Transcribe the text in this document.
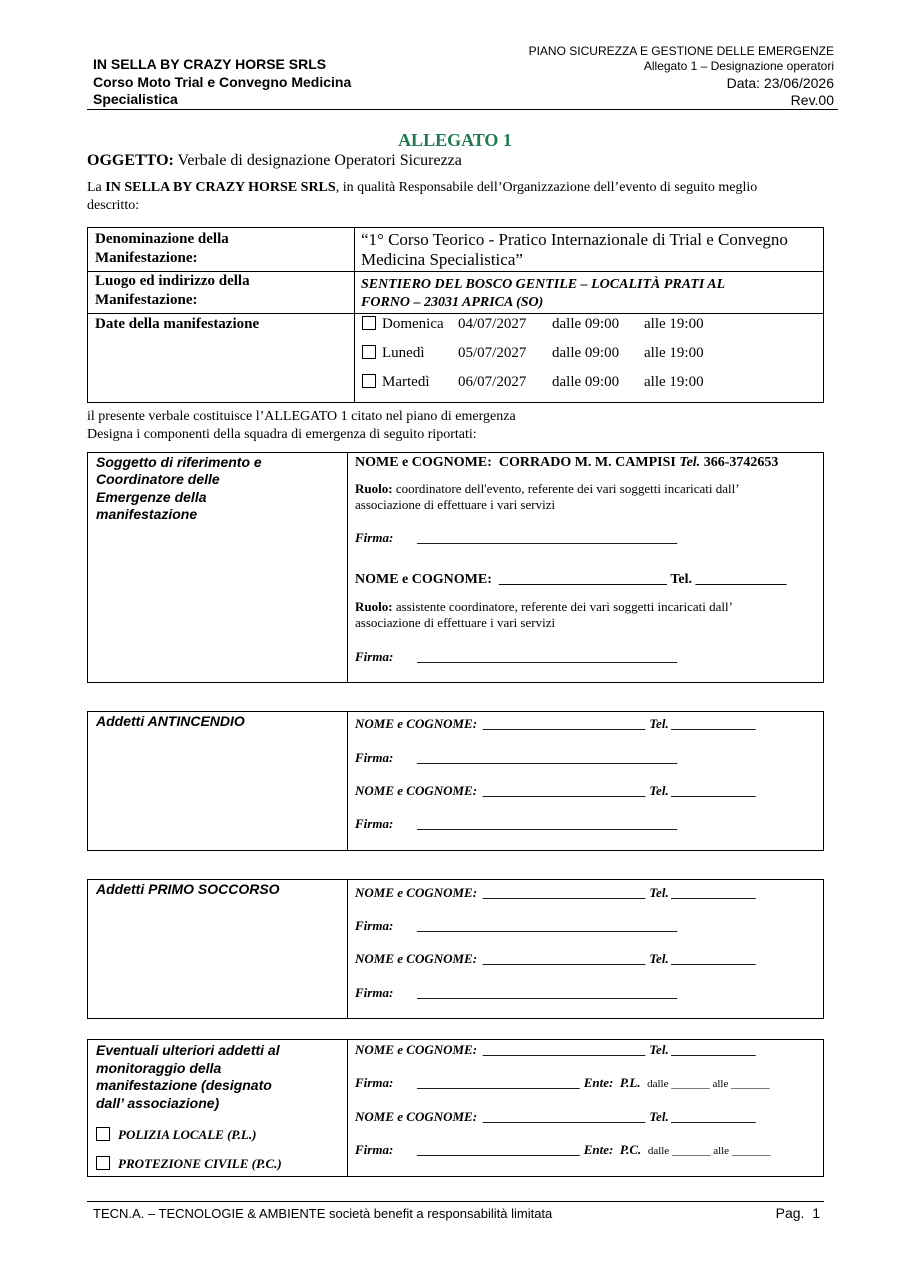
IN SELLA BY CRAZY HORSE SRLS
Corso Moto Trial e Convegno Medicina
Specialistica
PIANO SICUREZZA E GESTIONE DELLE EMERGENZE
Allegato 1 – Designazione operatori
Data: 23/06/2026
Rev.00
ALLEGATO 1
OGGETTO: Verbale di designazione Operatori Sicurezza
La IN SELLA BY CRAZY HORSE SRLS, in qualità Responsabile dell’Organizzazione dell’evento di seguito meglio
descritto:
Denominazione della
Manifestazione:
“1° Corso Teorico - Pratico Internazionale di Trial e Convegno
Medicina Specialistica”
Luogo ed indirizzo della
Manifestazione:
SENTIERO DEL BOSCO GENTILE – LOCALITÀ PRATI AL
FORNO – 23031 APRICA (SO)
Date della manifestazione	Domenica 04/07/2027 dalle 09:00 alle 19:00
Lunedì 05/07/2027 dalle 09:00 alle 19:00
Martedì 06/07/2027 dalle 09:00 alle 19:00
il presente verbale costituisce l’ALLEGATO 1 citato nel piano di emergenza
Designa i componenti della squadra di emergenza di seguito riportati:
Soggetto di riferimento e
Coordinatore delle
Emergenze della
manifestazione
NOME e COGNOME: CORRADO M. M. CAMPISI Tel. 366-3742653
Ruolo: coordinatore dell'evento, referente dei vari soggetti incaricati dall’
associazione di effettuare i vari servizi
Firma: ________________________________________
NOME e COGNOME: ________________________ Tel. _____________
Ruolo: assistente coordinatore, referente dei vari soggetti incaricati dall’
associazione di effettuare i vari servizi
Firma: ________________________________________
Addetti ANTINCENDIO	NOME e COGNOME: _________________________ Tel. _____________
Firma: ________________________________________
NOME e COGNOME: _________________________ Tel. _____________
Firma: ________________________________________
Addetti PRIMO SOCCORSO	NOME e COGNOME: _________________________ Tel. _____________
Firma: ________________________________________
NOME e COGNOME: _________________________ Tel. _____________
Firma: ________________________________________
Eventuali ulteriori addetti al
monitoraggio della
manifestazione (designato
dall’ associazione)
POLIZIA LOCALE (P.L.)
PROTEZIONE CIVILE (P.C.)
NOME e COGNOME: _________________________ Tel. _____________
Firma: _________________________ Ente: P.L. dalle _______ alle _______
NOME e COGNOME: _________________________ Tel. _____________
Firma: _________________________ Ente: P.C. dalle _______ alle _______
TECN.A. – TECNOLOGIE & AMBIENTE società benefit a responsabilità limitata	Pag.  1
